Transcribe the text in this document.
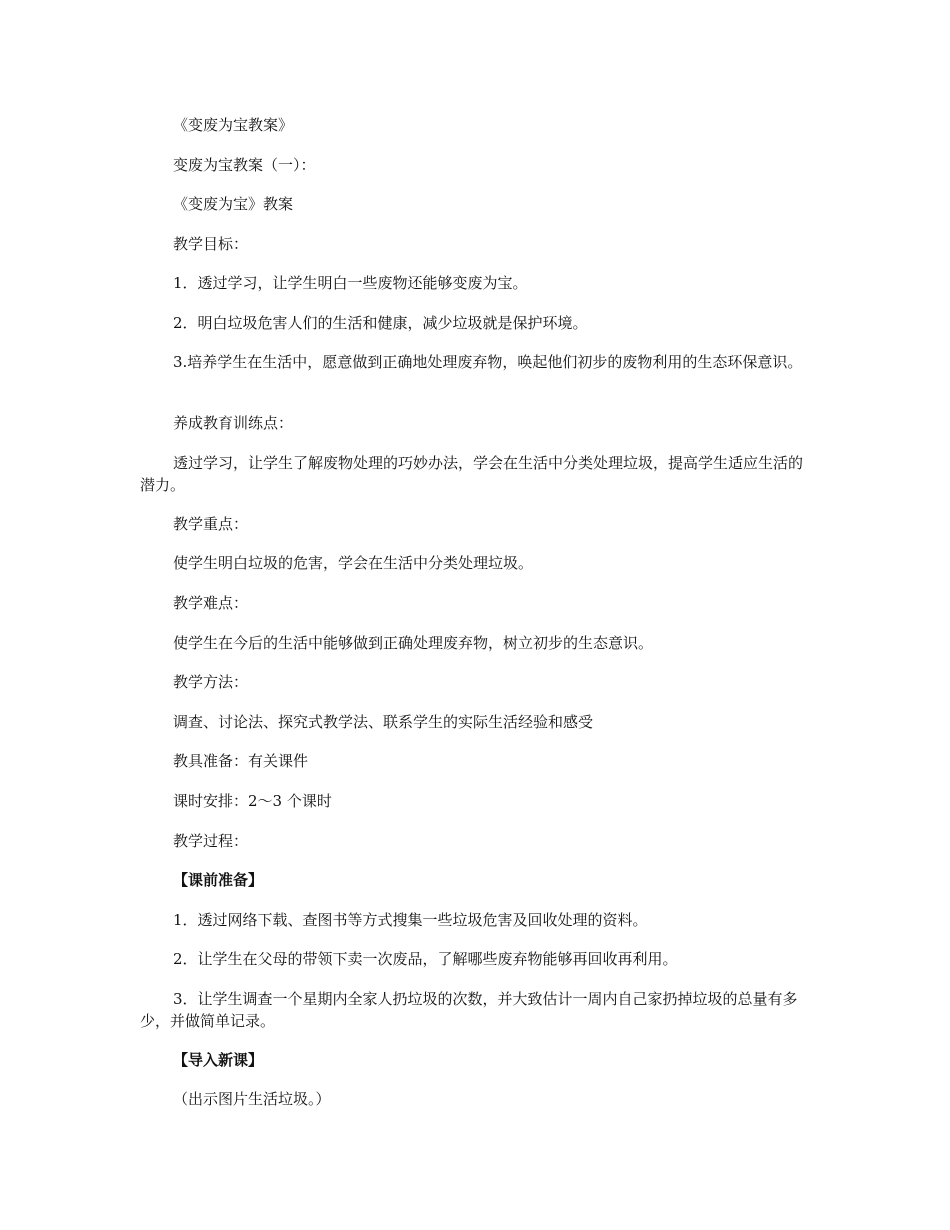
《变废为宝教案》

变废为宝教案（一）：

《变废为宝》教案

教学目标：

1．透过学习，让学生明白一些废物还能够变废为宝。

2．明白垃圾危害人们的生活和健康，减少垃圾就是保护环境。

3.培养学生在生活中，愿意做到正确地处理废弃物，唤起他们初步的废物利用的生态环保意识。

养成教育训练点：

透过学习，让学生了解废物处理的巧妙办法，学会在生活中分类处理垃圾，提高学生适应生活的潜力。

教学重点：

使学生明白垃圾的危害，学会在生活中分类处理垃圾。

教学难点：

使学生在今后的生活中能够做到正确处理废弃物，树立初步的生态意识。

教学方法：

调查、讨论法、探究式教学法、联系学生的实际生活经验和感受

教具准备：有关课件

课时安排：2～3 个课时

教学过程：

【课前准备】

1．透过网络下载、查图书等方式搜集一些垃圾危害及回收处理的资料。

2．让学生在父母的带领下卖一次废品，了解哪些废弃物能够再回收再利用。

3．让学生调查一个星期内全家人扔垃圾的次数，并大致估计一周内自己家扔掉垃圾的总量有多少，并做简单记录。

【导入新课】

（出示图片生活垃圾。）
